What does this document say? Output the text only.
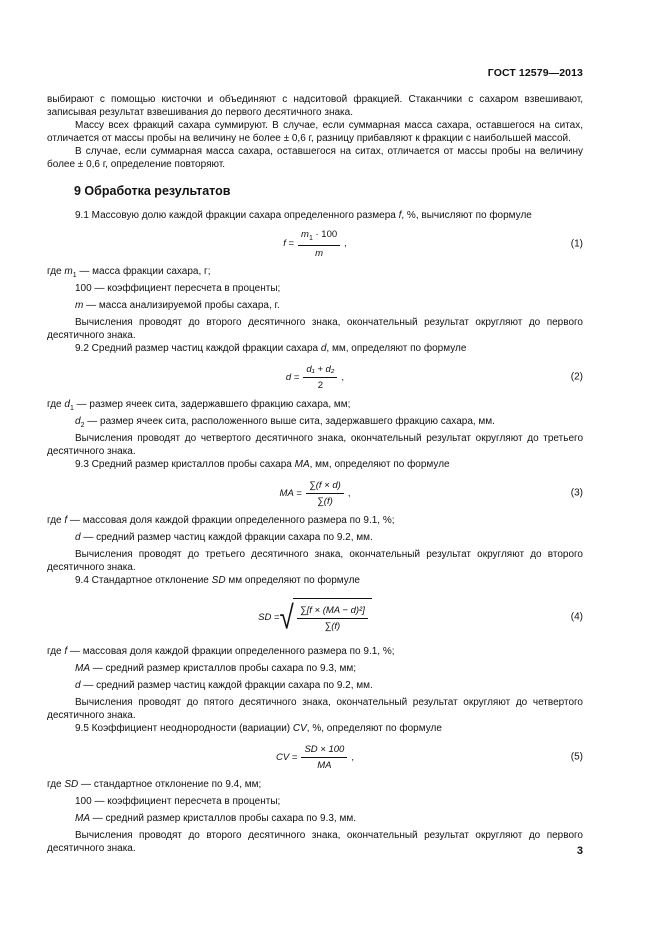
ГОСТ 12579—2013

выбирают с помощью кисточки и объединяют с надситовой фракцией. Стаканчики с сахаром взвешивают, записывая результат взвешивания до первого десятичного знака.

Массу всех фракций сахара суммируют. В случае, если суммарная масса сахара, оставшегося на ситах, отличается от массы пробы на величину не более ± 0,6 г, разницу прибавляют к фракции с наибольшей массой.

В случае, если суммарная масса сахара, оставшегося на ситах, отличается от массы пробы на величину более ± 0,6 г, определение повторяют.

9 Обработка результатов

9.1 Массовую долю каждой фракции сахара определенного размера f, %, вычисляют по формуле

$f = \frac{m_1 \cdot 100}{m}$ ,	(1)

где $m_1$ — масса фракции сахара, г;

100 — коэффициент пересчета в проценты;

m — масса анализируемой пробы сахара, г.

Вычисления проводят до второго десятичного знака, окончательный результат округляют до первого десятичного знака.

9.2 Средний размер частиц каждой фракции сахара d, мм, определяют по формуле

$d = \frac{\text{d₁ + d₂}}{2}$ ,	(2)

где $d_1$ — размер ячеек сита, задержавшего фракцию сахара, мм;

$d_2$ — размер ячеек сита, расположенного выше сита, задержавшего фракцию сахара, мм.

Вычисления проводят до четвертого десятичного знака, окончательный результат округляют до третьего десятичного знака.

9.3 Средний размер кристаллов пробы сахара MA, мм, определяют по формуле

MA = $\frac{\sum(f \times d)}{\sum(f)}$ ,	(3)

где f — массовая доля каждой фракции определенного размера по 9.1, %;

d — средний размер частиц каждой фракции сахара по 9.2, мм.

Вычисления проводят до третьего десятичного знака, окончательный результат округляют до второго десятичного знака.

9.4 Стандартное отклонение SD мм определяют по формуле

SD = √ $\frac{\text{∑[f × (MA − d)²]}}{\sum(f)}$	(4)

где f — массовая доля каждой фракции определенного размера по 9.1, %;

MA — средний размер кристаллов пробы сахара по 9.3, мм;

d — средний размер частиц каждой фракции сахара по 9.2, мм.

Вычисления проводят до пятого десятичного знака, окончательный результат округляют до четвертого десятичного знака.

9.5 Коэффициент неоднородности (вариации) CV, %, определяют по формуле

CV = $\frac{SD \times 100}{MA}$ ,	(5)

где SD — стандартное отклонение по 9.4, мм;

100 — коэффициент пересчета в проценты;

MA — средний размер кристаллов пробы сахара по 9.3, мм.

Вычисления проводят до второго десятичного знака, окончательный результат округляют до первого десятичного знака.	3
